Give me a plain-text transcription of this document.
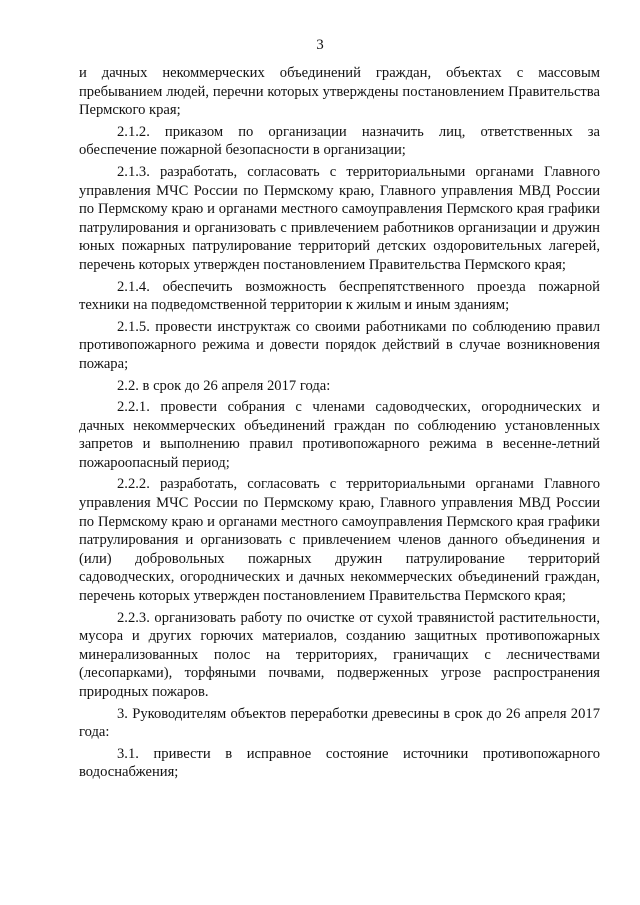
3

и дачных некоммерческих объединений граждан, объектах с массовым пребыванием людей, перечни которых утверждены постановлением Правительства Пермского края;

2.1.2. приказом по организации назначить лиц, ответственных за обеспечение пожарной безопасности в организации;

2.1.3. разработать, согласовать с территориальными органами Главного управления МЧС России по Пермскому краю, Главного управления МВД России по Пермскому краю и органами местного самоуправления Пермского края графики патрулирования и организовать с привлечением работников организации и дружин юных пожарных патрулирование территорий детских оздоровительных лагерей, перечень которых утвержден постановлением Правительства Пермского края;

2.1.4. обеспечить возможность беспрепятственного проезда пожарной техники на подведомственной территории к жилым и иным зданиям;

2.1.5. провести инструктаж со своими работниками по соблюдению правил противопожарного режима и довести порядок действий в случае возникновения пожара;

2.2. в срок до 26 апреля 2017 года:

2.2.1. провести собрания с членами садоводческих, огороднических и дачных некоммерческих объединений граждан по соблюдению установленных запретов и выполнению правил противопожарного режима в весенне-летний пожароопасный период;

2.2.2. разработать, согласовать с территориальными органами Главного управления МЧС России по Пермскому краю, Главного управления МВД России по Пермскому краю и органами местного самоуправления Пермского края графики патрулирования и организовать с привлечением членов данного объединения и (или) добровольных пожарных дружин патрулирование территорий садоводческих, огороднических и дачных некоммерческих объединений граждан, перечень которых утвержден постановлением Правительства Пермского края;

2.2.3. организовать работу по очистке от сухой травянистой растительности, мусора и других горючих материалов, созданию защитных противопожарных минерализованных полос на территориях, граничащих с лесничествами (лесопарками), торфяными почвами, подверженных угрозе распространения природных пожаров.

3. Руководителям объектов переработки древесины в срок до 26 апреля 2017 года:

3.1. привести в исправное состояние источники противопожарного водоснабжения;
